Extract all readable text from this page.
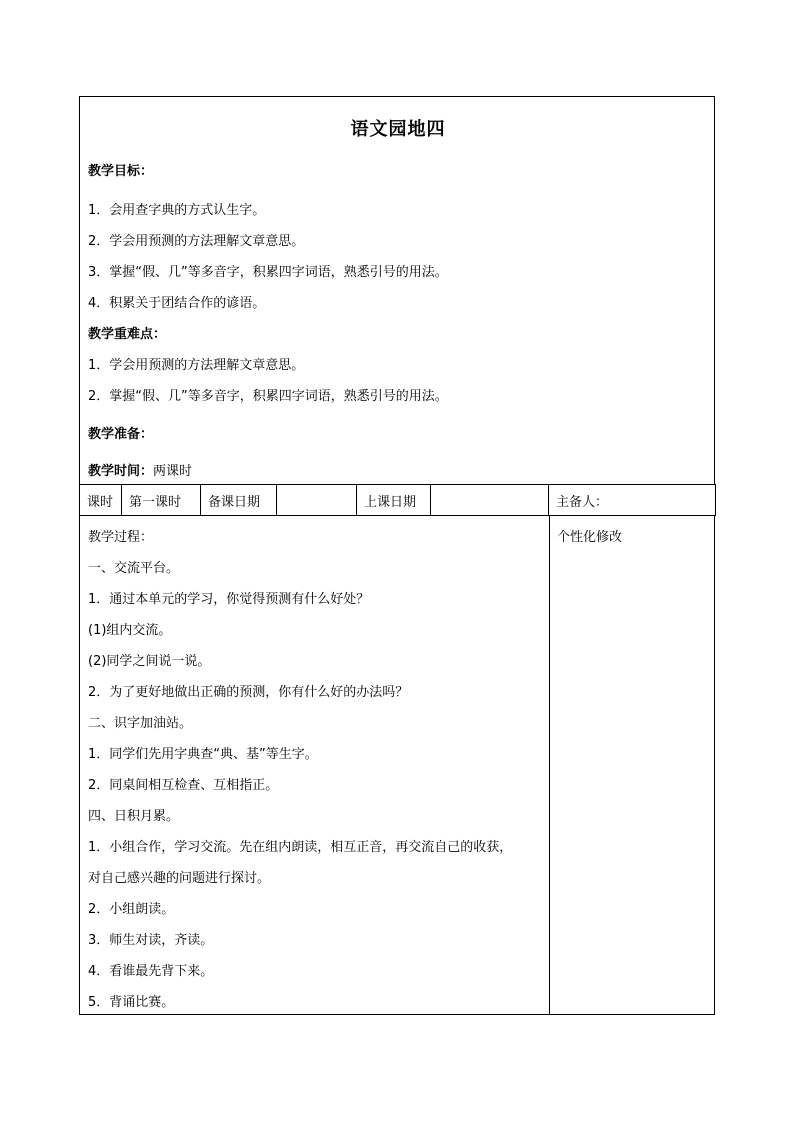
语文园地四
教学目标：
1．会用查字典的方式认生字。
2．学会用预测的方法理解文章意思。
3．掌握“假、几”等多音字，积累四字词语，熟悉引号的用法。
4．积累关于团结合作的谚语。
教学重难点：
1．学会用预测的方法理解文章意思。
2．掌握“假、几”等多音字，积累四字词语，熟悉引号的用法。
教学准备：
教学时间：两课时
课时	第一课时	备课日期		上课日期		主备人：
教学过程：	个性化修改
一、交流平台。
1．通过本单元的学习，你觉得预测有什么好处？
(1)组内交流。
(2)同学之间说一说。
2．为了更好地做出正确的预测，你有什么好的办法吗？
二、识字加油站。
1．同学们先用字典查“典、基”等生字。
2．同桌间相互检查、互相指正。
四、日积月累。
1．小组合作，学习交流。先在组内朗读，相互正音，再交流自己的收获，
对自己感兴趣的问题进行探讨。
2．小组朗读。
3．师生对读，齐读。
4．看谁最先背下来。
5．背诵比赛。
